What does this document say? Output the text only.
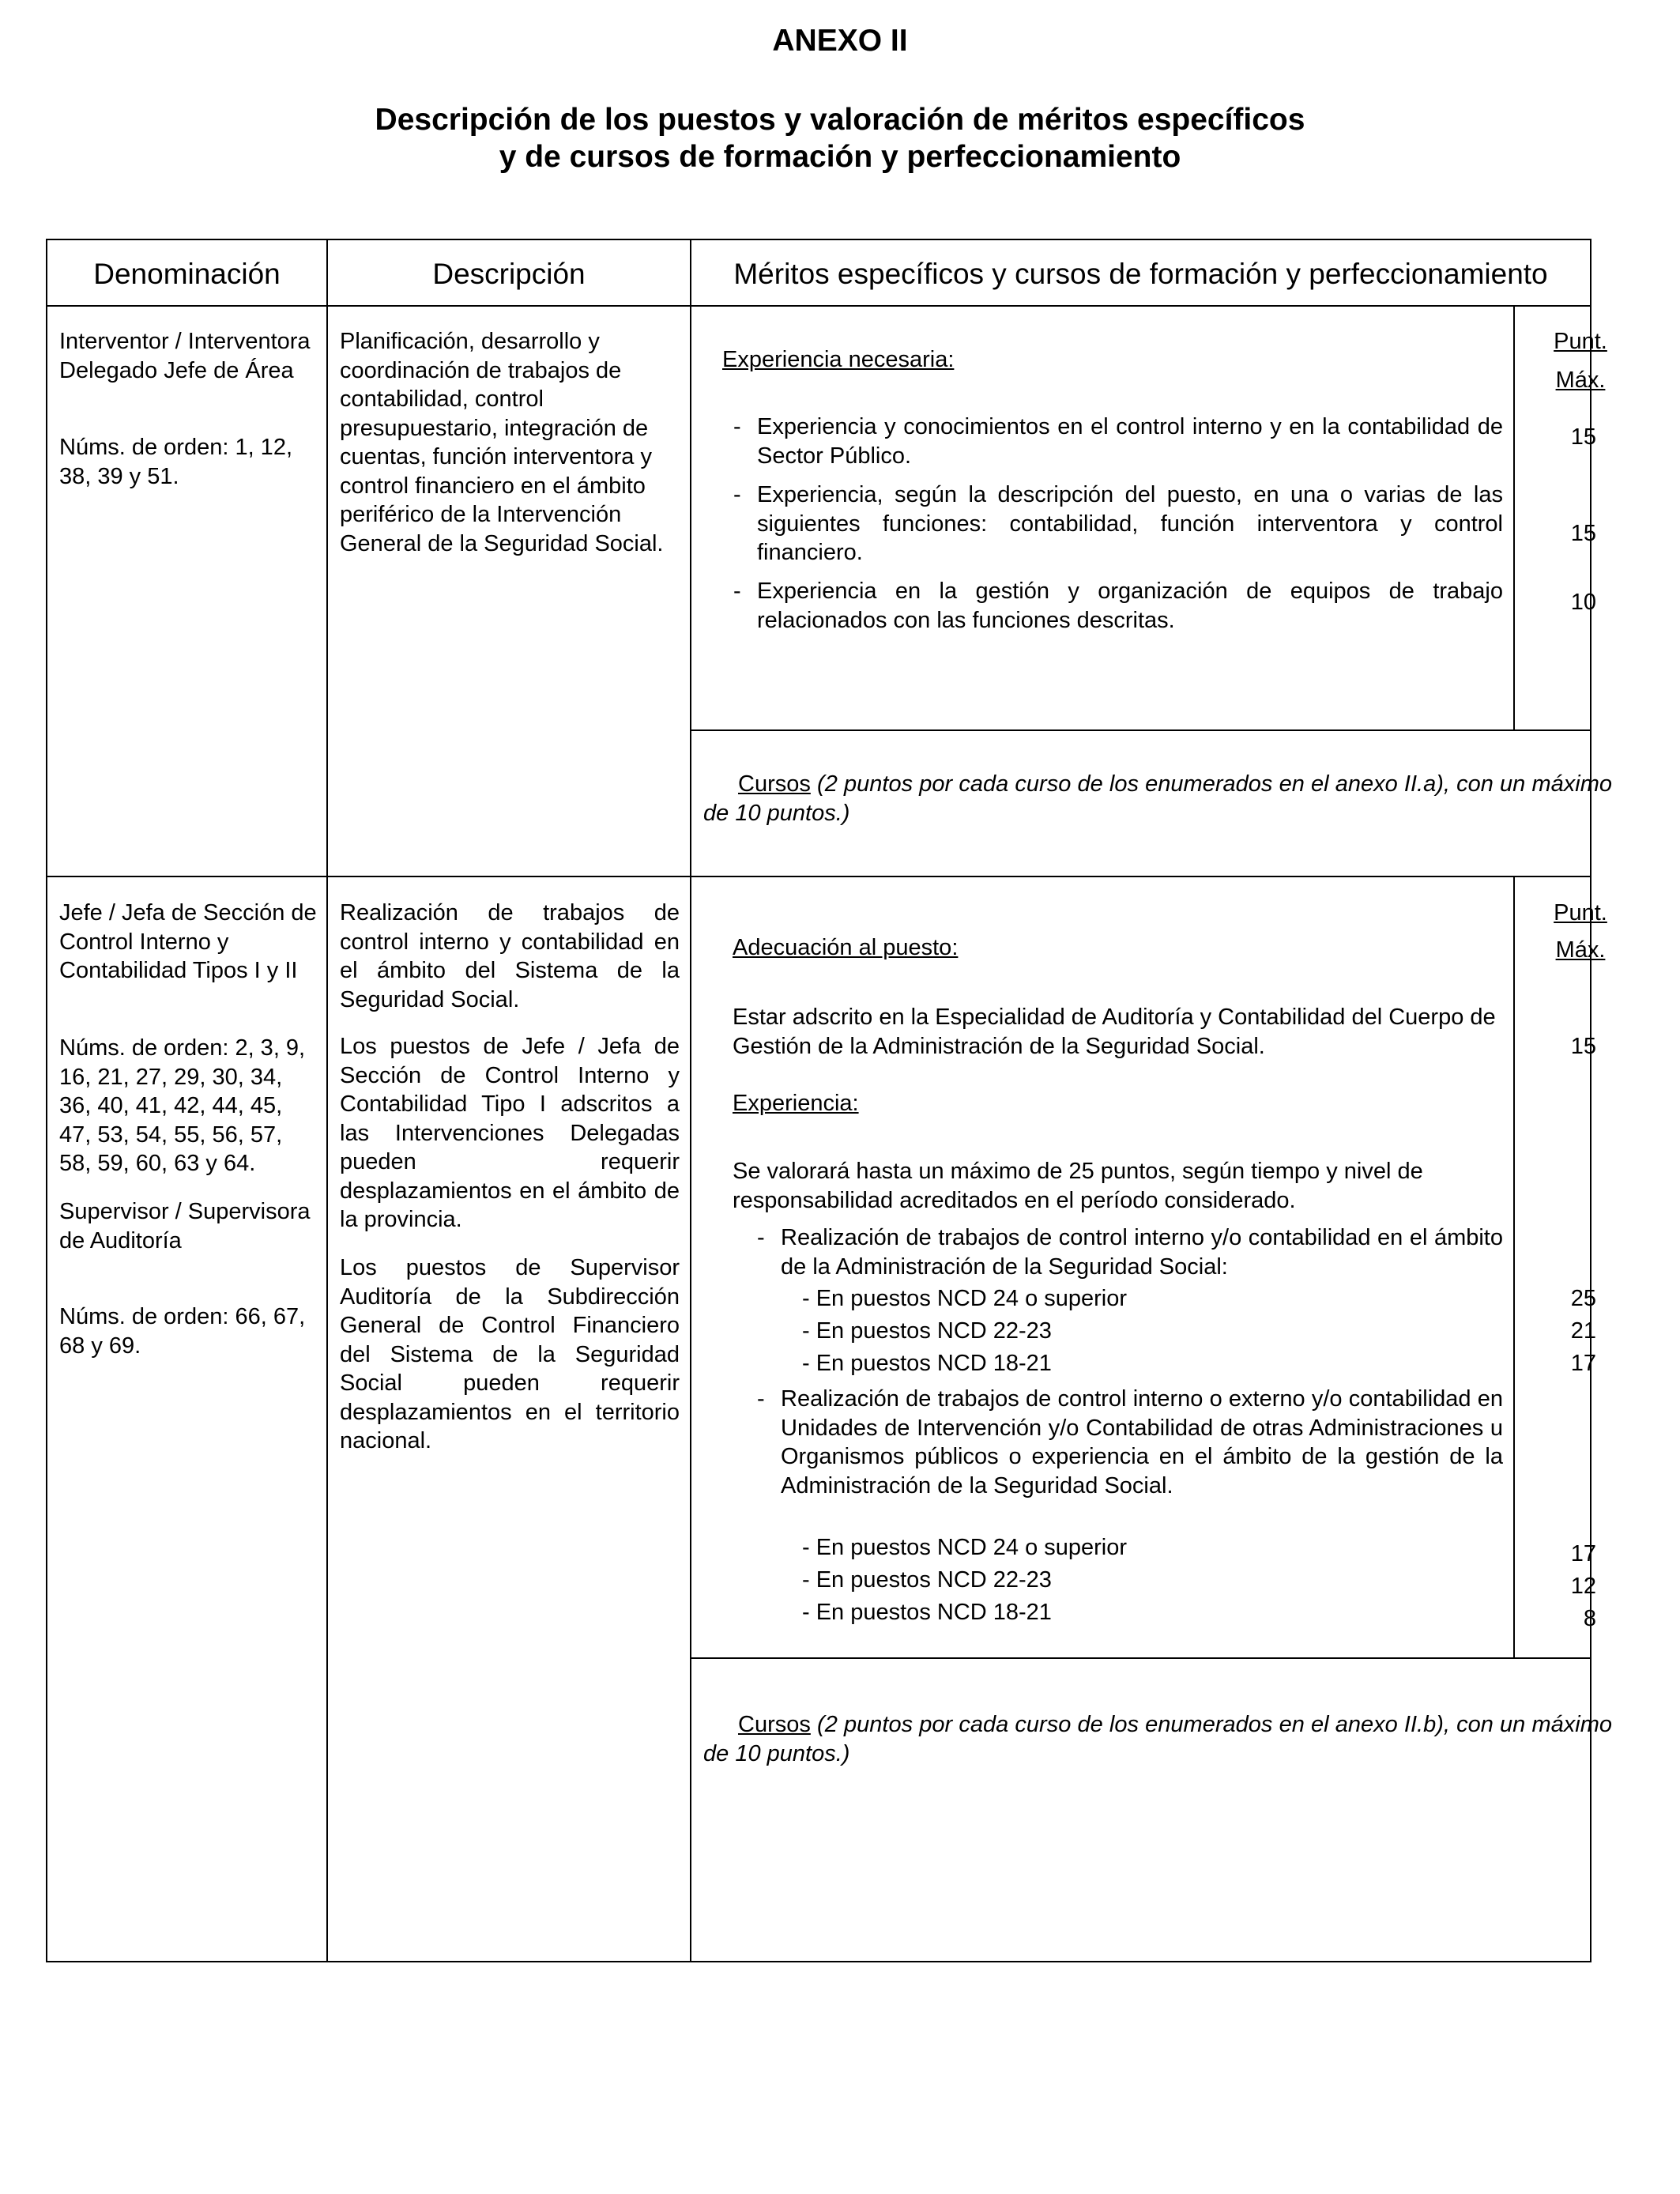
ANEXO II
Descripción de los puestos y valoración de méritos específicos
y de cursos de formación y perfeccionamiento
Denominación	Descripción	Méritos específicos y cursos de formación y perfeccionamiento
Interventor / Interventora Delegado Jefe de Área
Núms. de orden: 1, 12, 38, 39 y 51.
Planificación, desarrollo y coordinación de trabajos de contabilidad, control presupuestario, integración de cuentas, función interventora y control financiero en el ámbito periférico de la Intervención General de la Seguridad Social.
Experiencia necesaria:
- Experiencia y conocimientos en el control interno y en la contabilidad de Sector Público.
- Experiencia, según la descripción del puesto, en una o varias de las siguientes funciones: contabilidad, función interventora y control financiero.
- Experiencia en la gestión y organización de equipos de trabajo relacionados con las funciones descritas.
Punt.
Máx.
15
15
10
Cursos (2 puntos por cada curso de los enumerados en el anexo II.a), con un máximo de 10 puntos.)
Jefe / Jefa de Sección de Control Interno y Contabilidad Tipos I y II
Núms. de orden: 2, 3, 9, 16, 21, 27, 29, 30, 34, 36, 40, 41, 42, 44, 45, 47, 53, 54, 55, 56, 57, 58, 59, 60, 63 y 64.
Supervisor / Supervisora de Auditoría
Núms. de orden: 66, 67, 68 y 69.
Realización de trabajos de control interno y contabilidad en el ámbito del Sistema de la Seguridad Social.
Los puestos de Jefe / Jefa de Sección de Control Interno y Contabilidad Tipo I adscritos a las Intervenciones Delegadas pueden requerir desplazamientos en el ámbito de la provincia.
Los puestos de Supervisor Auditoría de la Subdirección General de Control Financiero del Sistema de la Seguridad Social pueden requerir desplazamientos en el territorio nacional.
Adecuación al puesto:
Estar adscrito en la Especialidad de Auditoría y Contabilidad del Cuerpo de Gestión de la Administración de la Seguridad Social.
Experiencia:
Se valorará hasta un máximo de 25 puntos, según tiempo y nivel de responsabilidad acreditados en el período considerado.
- Realización de trabajos de control interno y/o contabilidad en el ámbito de la Administración de la Seguridad Social:
- En puestos NCD 24 o superior
- En puestos NCD 22-23
- En puestos NCD 18-21
- Realización de trabajos de control interno o externo y/o contabilidad en Unidades de Intervención y/o Contabilidad de otras Administraciones u Organismos públicos o experiencia en el ámbito de la gestión de la Administración de la Seguridad Social.
- En puestos NCD 24 o superior
- En puestos NCD 22-23
- En puestos NCD 18-21
Punt.
Máx.
15
25
21
17
17
12
8
Cursos (2 puntos por cada curso de los enumerados en el anexo II.b), con un máximo de 10 puntos.)
